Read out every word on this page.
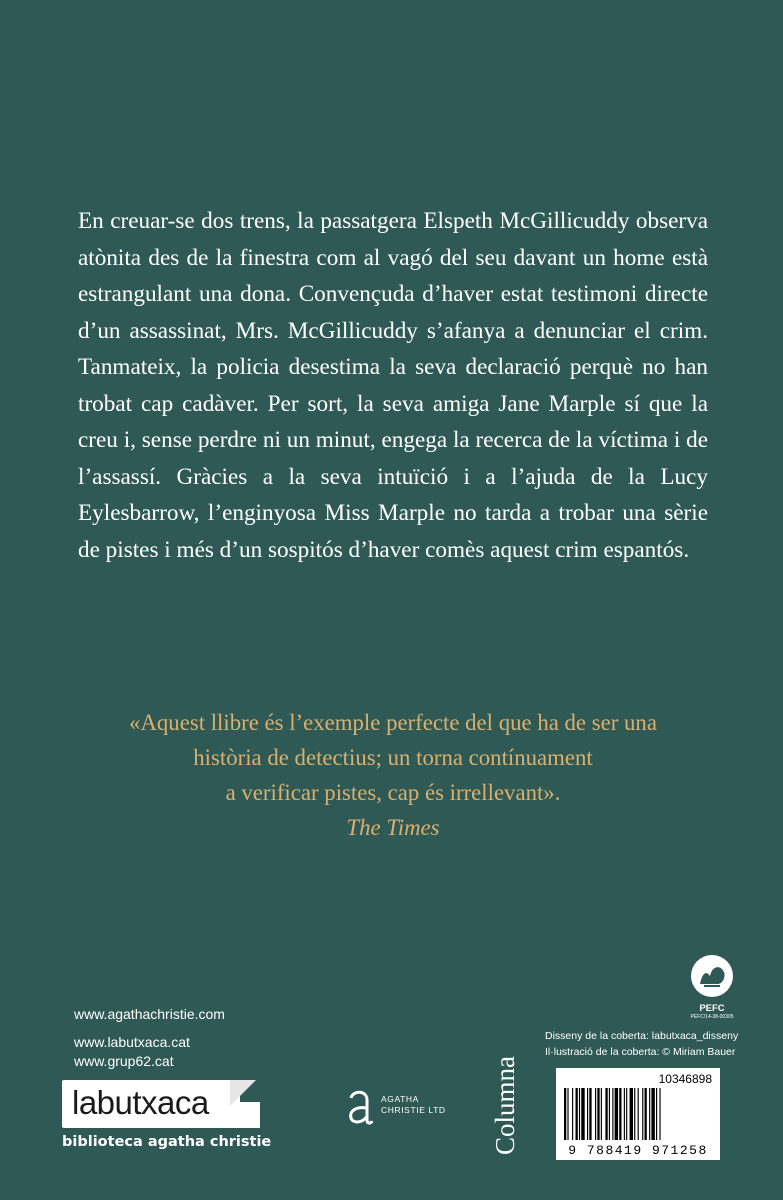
En creuar-se dos trens, la passatgera Elspeth McGillicuddy observa atònita des de la finestra com al vagó del seu davant un home està estrangulant una dona. Convençuda d’haver estat testimoni directe d’un assassinat, Mrs. McGillicuddy s’afanya a denunciar el crim. Tanmateix, la policia desestima la seva declaració perquè no han trobat cap cadàver. Per sort, la seva amiga Jane Marple sí que la creu i, sense perdre ni un minut, engega la recerca de la víctima i de l’assassí. Gràcies a la seva intuïció i a l’ajuda de la Lucy Eylesbarrow, l’enginyosa Miss Marple no tarda a trobar una sèrie de pistes i més d’un sospitós d’haver comès aquest crim espantós.

«Aquest llibre és l’exemple perfecte del que ha de ser una
història de detectius; un torna contínuament
a verificar pistes, cap és irrellevant».
The Times
www.agathachristie.com
www.labutxaca.cat
www.grup62.cat
labutxaca
biblioteca agatha christie
AGATHA
CHRISTIE LTD Columna
PEFC
PEFC/14-38-00305
Disseny de la coberta: labutxaca_disseny
Il·lustració de la coberta: © Miriam Bauer
10346898
9 788419 971258
